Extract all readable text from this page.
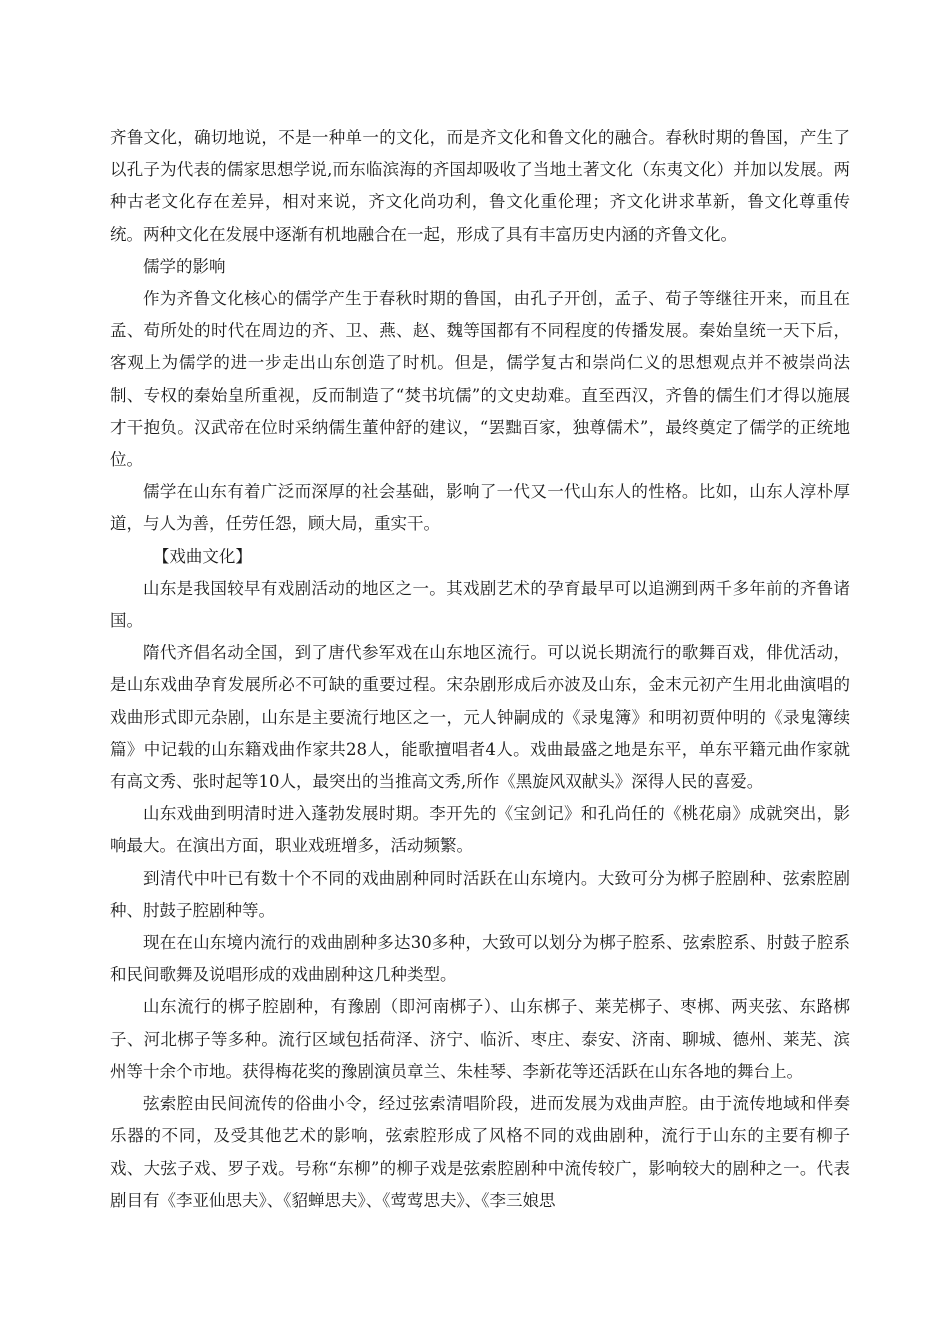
齐鲁文化，确切地说，不是一种单一的文化，而是齐文化和鲁文化的融合。春秋时期的鲁国，产生了以孔子为代表的儒家思想学说,而东临滨海的齐国却吸收了当地土著文化（东夷文化）并加以发展。两种古老文化存在差异，相对来说，齐文化尚功利，鲁文化重伦理；齐文化讲求革新，鲁文化尊重传统。两种文化在发展中逐渐有机地融合在一起，形成了具有丰富历史内涵的齐鲁文化。

儒学的影响

作为齐鲁文化核心的儒学产生于春秋时期的鲁国，由孔子开创，孟子、荀子等继往开来，而且在孟、荀所处的时代在周边的齐、卫、燕、赵、魏等国都有不同程度的传播发展。秦始皇统一天下后，客观上为儒学的进一步走出山东创造了时机。但是，儒学复古和崇尚仁义的思想观点并不被崇尚法制、专权的秦始皇所重视，反而制造了“焚书坑儒”的文史劫难。直至西汉，齐鲁的儒生们才得以施展才干抱负。汉武帝在位时采纳儒生董仲舒的建议，“罢黜百家，独尊儒术”，最终奠定了儒学的正统地位。

儒学在山东有着广泛而深厚的社会基础，影响了一代又一代山东人的性格。比如，山东人淳朴厚道，与人为善，任劳任怨，顾大局，重实干。

【戏曲文化】

山东是我国较早有戏剧活动的地区之一。其戏剧艺术的孕育最早可以追溯到两千多年前的齐鲁诸国。

隋代齐倡名动全国，到了唐代参军戏在山东地区流行。可以说长期流行的歌舞百戏，俳优活动，是山东戏曲孕育发展所必不可缺的重要过程。宋杂剧形成后亦波及山东，金末元初产生用北曲演唱的戏曲形式即元杂剧，山东是主要流行地区之一，元人钟嗣成的《录鬼簿》和明初贾仲明的《录鬼簿续篇》中记载的山东籍戏曲作家共28人，能歌擅唱者4人。戏曲最盛之地是东平，单东平籍元曲作家就有高文秀、张时起等10人，最突出的当推高文秀,所作《黑旋风双献头》深得人民的喜爱。

山东戏曲到明清时进入蓬勃发展时期。李开先的《宝剑记》和孔尚任的《桃花扇》成就突出，影响最大。在演出方面，职业戏班增多，活动频繁。

到清代中叶已有数十个不同的戏曲剧种同时活跃在山东境内。大致可分为梆子腔剧种、弦索腔剧种、肘鼓子腔剧种等。

现在在山东境内流行的戏曲剧种多达30多种，大致可以划分为梆子腔系、弦索腔系、肘鼓子腔系和民间歌舞及说唱形成的戏曲剧种这几种类型。

山东流行的梆子腔剧种，有豫剧（即河南梆子）、山东梆子、莱芜梆子、枣梆、两夹弦、东路梆子、河北梆子等多种。流行区域包括荷泽、济宁、临沂、枣庄、泰安、济南、聊城、德州、莱芜、滨州等十余个市地。获得梅花奖的豫剧演员章兰、朱桂琴、李新花等还活跃在山东各地的舞台上。

弦索腔由民间流传的俗曲小令，经过弦索清唱阶段，进而发展为戏曲声腔。由于流传地域和伴奏乐器的不同，及受其他艺术的影响，弦索腔形成了风格不同的戏曲剧种，流行于山东的主要有柳子戏、大弦子戏、罗子戏。号称“东柳”的柳子戏是弦索腔剧种中流传较广，影响较大的剧种之一。代表剧目有《李亚仙思夫》、《貂蝉思夫》、《莺莺思夫》、《李三娘思
